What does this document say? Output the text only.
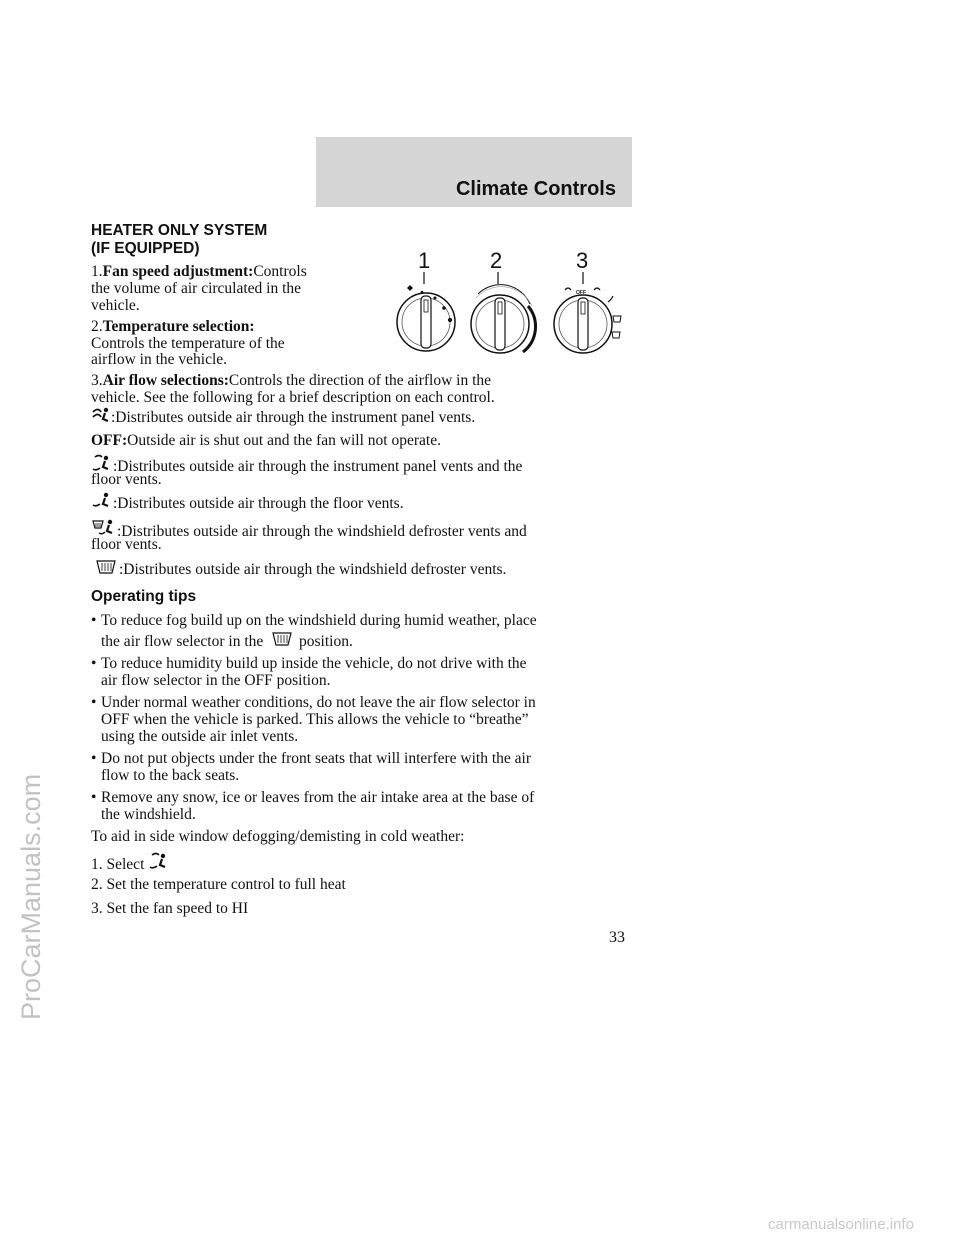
Climate Controls
HEATER ONLY SYSTEM
(IF EQUIPPED)
1.Fan speed adjustment:Controls
the volume of air circulated in the
vehicle.
2.Temperature selection:
Controls the temperature of the
airflow in the vehicle.
3.Air flow selections:Controls the direction of the airflow in the
vehicle. See the following for a brief description on each control.
1	2	3
OFF
:Distributes outside air through the instrument panel vents.
OFF:Outside air is shut out and the fan will not operate.
:Distributes outside air through the instrument panel vents and the
floor vents.
:Distributes outside air through the floor vents.
:Distributes outside air through the windshield defroster vents and
floor vents.
:Distributes outside air through the windshield defroster vents.
Operating tips
• To reduce fog build up on the windshield during humid weather, place
the air flow selector in the position.
• To reduce humidity build up inside the vehicle, do not drive with the
air flow selector in the OFF position.
• Under normal weather conditions, do not leave the air flow selector in
OFF when the vehicle is parked. This allows the vehicle to “breathe”
using the outside air inlet vents.
• Do not put objects under the front seats that will interfere with the air
flow to the back seats.
• Remove any snow, ice or leaves from the air intake area at the base of
the windshield.
To aid in side window defogging/demisting in cold weather:
1. Select
2. Set the temperature control to full heat
3. Set the fan speed to HI
33
ProCarManuals.com
carmanualsonline.info
